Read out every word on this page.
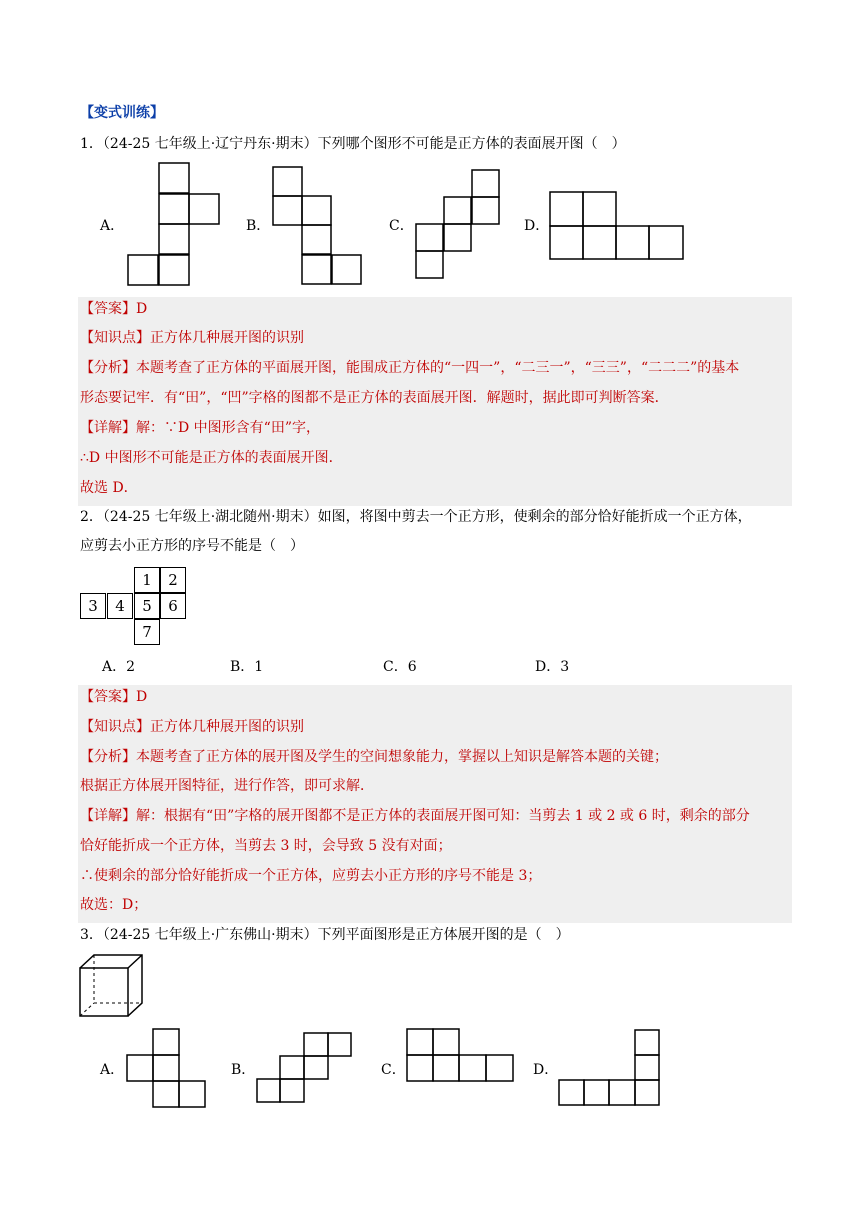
【变式训练】
1．（24-25 七年级上·辽宁丹东·期末）下列哪个图形不可能是正方体的表面展开图（　）
A．	B．	C．	D．
【答案】D
【知识点】正方体几种展开图的识别
【分析】本题考查了正方体的平面展开图，能围成正方体的“一四一”，“二三一”，“三三”，“二二二”的基本
形态要记牢．有“田”，“凹”字格的图都不是正方体的表面展开图．解题时，据此即可判断答案．
【详解】解：∵D 中图形含有“田”字，
∴D 中图形不可能是正方体的表面展开图．
故选 D．
2．（24-25 七年级上·湖北随州·期末）如图，将图中剪去一个正方形，使剩余的部分恰好能折成一个正方体，
应剪去小正方形的序号不能是（　）
1	2
3	4	5	6
7
A．2	B．1	C．6	D．3
【答案】D
【知识点】正方体几种展开图的识别
【分析】本题考查了正方体的展开图及学生的空间想象能力，掌握以上知识是解答本题的关键；
根据正方体展开图特征，进行作答，即可求解．
【详解】解：根据有“田”字格的展开图都不是正方体的表面展开图可知：当剪去 1 或 2 或 6 时，剩余的部分
恰好能折成一个正方体，当剪去 3 时，会导致 5 没有对面；
∴使剩余的部分恰好能折成一个正方体，应剪去小正方形的序号不能是 3；
故选：D；
3．（24-25 七年级上·广东佛山·期末）下列平面图形是正方体展开图的是（　）
A．	B．	C．	D．
